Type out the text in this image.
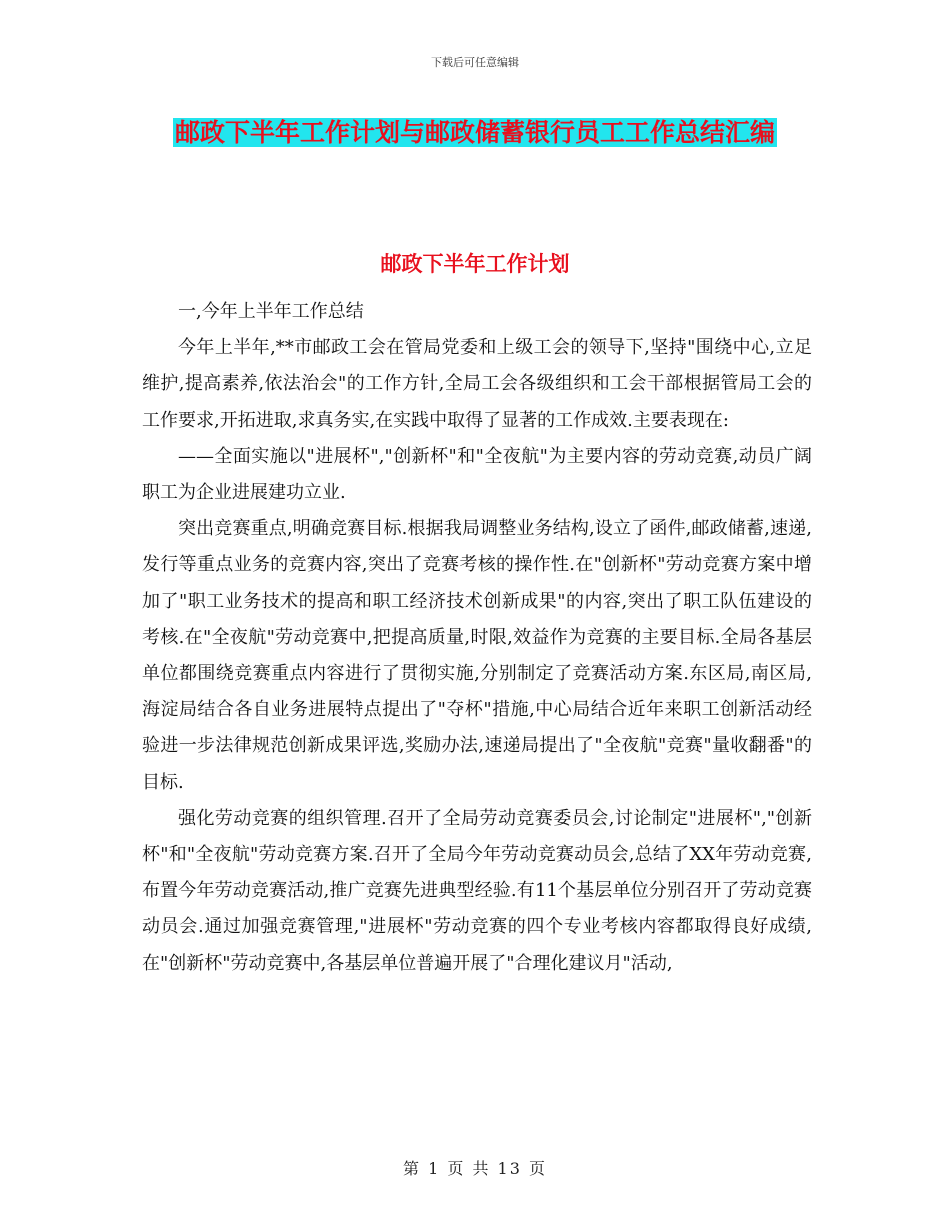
下载后可任意编辑
邮政下半年工作计划与邮政储蓄银行员工工作总结汇编
邮政下半年工作计划

一,今年上半年工作总结

今年上半年,**市邮政工会在管局党委和上级工会的领导下,坚持"围绕中心,立足维护,提高素养,依法治会"的工作方针,全局工会各级组织和工会干部根据管局工会的工作要求,开拓进取,求真务实,在实践中取得了显著的工作成效.主要表现在:

——全面实施以"进展杯","创新杯"和"全夜航"为主要内容的劳动竞赛,动员广阔职工为企业进展建功立业.

突出竞赛重点,明确竞赛目标.根据我局调整业务结构,设立了函件,邮政储蓄,速递,发行等重点业务的竞赛内容,突出了竞赛考核的操作性.在"创新杯"劳动竞赛方案中增加了"职工业务技术的提高和职工经济技术创新成果"的内容,突出了职工队伍建设的考核.在"全夜航"劳动竞赛中,把提高质量,时限,效益作为竞赛的主要目标.全局各基层单位都围绕竞赛重点内容进行了贯彻实施,分别制定了竞赛活动方案.东区局,南区局,海淀局结合各自业务进展特点提出了"夺杯"措施,中心局结合近年来职工创新活动经验进一步法律规范创新成果评选,奖励办法,速递局提出了"全夜航"竞赛"量收翻番"的目标.

强化劳动竞赛的组织管理.召开了全局劳动竞赛委员会,讨论制定"进展杯","创新杯"和"全夜航"劳动竞赛方案.召开了全局今年劳动竞赛动员会,总结了XX年劳动竞赛,布置今年劳动竞赛活动,推广竞赛先进典型经验.有11个基层单位分别召开了劳动竞赛动员会.通过加强竞赛管理,"进展杯"劳动竞赛的四个专业考核内容都取得良好成绩,在"创新杯"劳动竞赛中,各基层单位普遍开展了"合理化建议月"活动,

第 1 页 共 13 页
